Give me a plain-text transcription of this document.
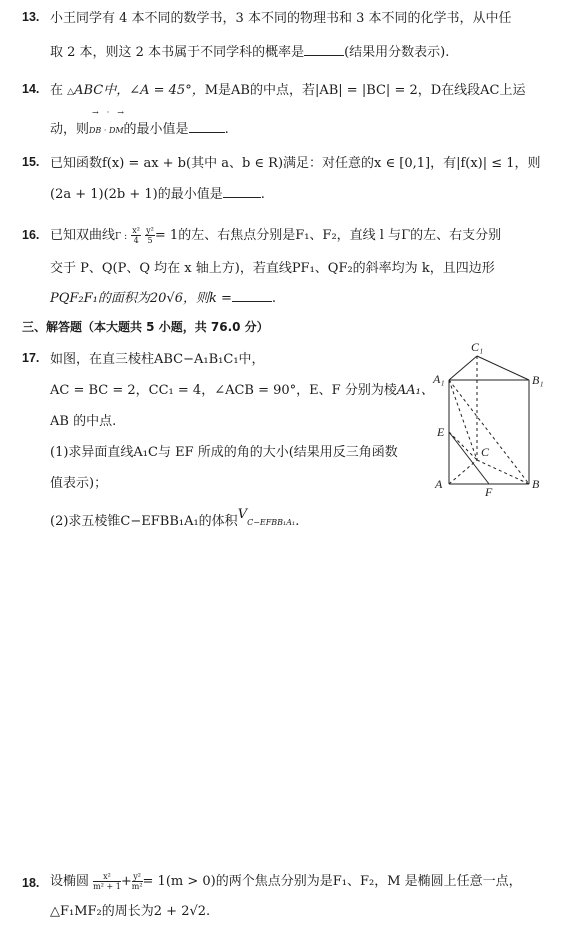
13. 小王同学有 4 本不同的数学书，3 本不同的物理书和 3 本不同的化学书，从中任
取 2 本，则这 2 本书属于不同学科的概率是	(结果用分数表示).
14. 在 △ABC中，∠A = 45°，M是AB的中点，若|AB| = |BC| = 2，D在线段AC上运
→　·　→
动，则DB · DM的最小值是	.
15. 已知函数f(x) = ax + b(其中 a、b ∈ R)满足：对任意的x ∈ [0,1]，有|f(x)| ≤ 1，则
(2a + 1)(2b + 1)的最小值是	.
16. 已知双曲线Γ : $\frac{\text{x²}}{4}$
$\frac{\text{y²}}{5} = 1$的左、右焦点分别是F₁、F₂，直线 l 与Γ的左、右支分别
交于 P、Q(P、Q 均在 x 轴上方)，若直线PF₁、QF₂的斜率均为 k，且四边形
PQF₂F₁的面积为20√6，则k =	.
三、解答题（本大题共 5 小题，共 76.0 分）
17. 如图，在直三棱柱ABC−A₁B₁C₁中，
AC = BC = 2，CC₁ = 4，∠ACB = 90°，E、F 分别为棱AA₁、
AB 的中点.
(1)求异面直线A₁C与 EF 所成的角的大小(结果用反三角函数
值表示)；
(2)求五棱锥C−EFBB₁A₁的体积VC−EFBB₁A₁.
C₁
A₁	B₁
E
C
A
F
B
18. 设椭圆 $\frac{\text{x²}}{\text{m² + 1}} + \frac{\text{y²}}{\text{m²}} = 1(m > 0)$的两个焦点分别为是F₁、F₂，M 是椭圆上任意一点，
△F₁MF₂的周长为2 + 2√2.
